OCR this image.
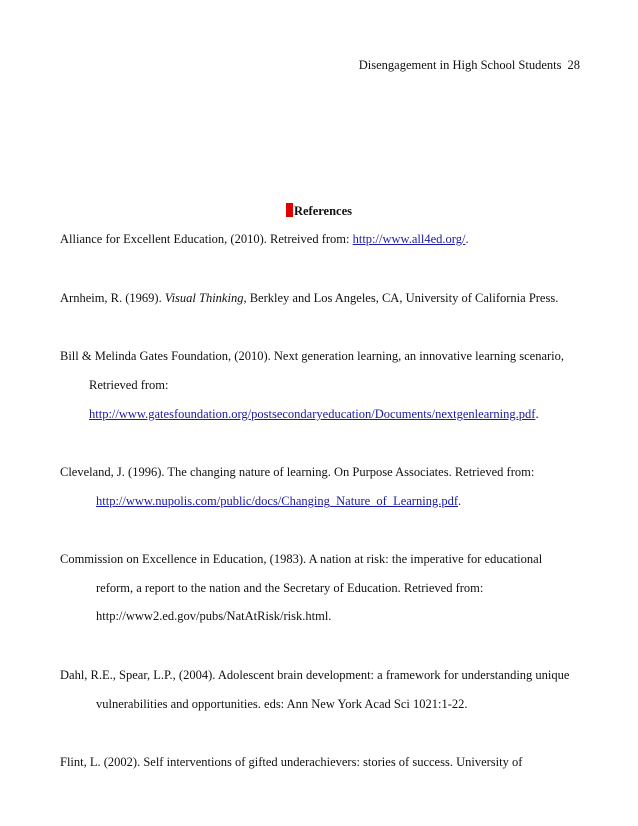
Disengagement in High School Students 28
References
Alliance for Excellent Education, (2010). Retreived from: http://www.all4ed.org/.
Arnheim, R. (1969). Visual Thinking, Berkley and Los Angeles, CA, University of California Press.
Bill & Melinda Gates Foundation, (2010). Next generation learning, an innovative learning scenario,
Retrieved from:
http://www.gatesfoundation.org/postsecondaryeducation/Documents/nextgenlearning.pdf.
Cleveland, J. (1996). The changing nature of learning. On Purpose Associates. Retrieved from:
http://www.nupolis.com/public/docs/Changing_Nature_of_Learning.pdf.
Commission on Excellence in Education, (1983). A nation at risk: the imperative for educational
reform, a report to the nation and the Secretary of Education. Retrieved from:
http://www2.ed.gov/pubs/NatAtRisk/risk.html.
Dahl, R.E., Spear, L.P., (2004). Adolescent brain development: a framework for understanding unique
vulnerabilities and opportunities. eds: Ann New York Acad Sci 1021:1-22.
Flint, L. (2002). Self interventions of gifted underachievers: stories of success. University of
